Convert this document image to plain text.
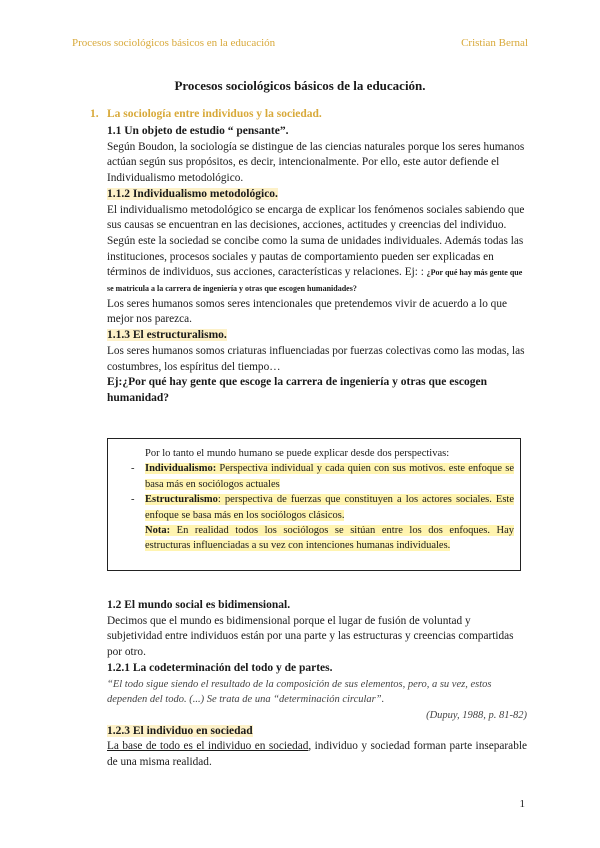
Procesos sociológicos básicos en la educación	Cristian Bernal
Procesos sociológicos básicos de la educación.
1. La sociología entre individuos y la sociedad.

1.1 Un objeto de estudio “ pensante”.

Según Boudon, la sociología se distingue de las ciencias naturales porque los seres humanos actúan según sus propósitos, es decir, intencionalmente. Por ello, este autor defiende el Individualismo metodológico.

1.1.2 Individualismo metodológico.

El individualismo metodológico se encarga de explicar los fenómenos sociales sabiendo que sus causas se encuentran en las decisiones, acciones, actitudes y creencias del individuo. Según este la sociedad se concibe como la suma de unidades individuales. Además todas las instituciones, procesos sociales y pautas de comportamiento pueden ser explicadas en términos de individuos, sus acciones, características y relaciones. Ej: : ¿Por qué hay más gente que se matricula a la carrera de ingeniería y otras que escogen humanidades?

Los seres humanos somos seres intencionales que pretendemos vivir de acuerdo a lo que mejor nos parezca.

1.1.3 El estructuralismo.

Los seres humanos somos criaturas influenciadas por fuerzas colectivas como las modas, las costumbres, los espíritus del tiempo…

Ej:¿Por qué hay gente que escoge la carrera de ingeniería y otras que escogen humanidad?

Por lo tanto el mundo humano se puede explicar desde dos perspectivas:
- Individualismo: Perspectiva individual y cada quien con sus motivos. este enfoque se basa más en sociólogos actuales
- Estructuralismo: perspectiva de fuerzas que constituyen a los actores sociales. Este enfoque se basa más en los sociólogos clásicos.
Nota: En realidad todos los sociólogos se sitúan entre los dos enfoques. Hay estructuras influenciadas a su vez con intenciones humanas individuales.

1.2 El mundo social es bidimensional.

Decimos que el mundo es bidimensional porque el lugar de fusión de voluntad y subjetividad entre individuos están por una parte y las estructuras y creencias compartidas por otro.

1.2.1 La codeterminación del todo y de partes.

“El todo sigue siendo el resultado de la composición de sus elementos, pero, a su vez, estos dependen del todo. (...) Se trata de una “determinación circular”.

(Dupuy, 1988, p. 81-82)

1.2.3 El individuo en sociedad

La base de todo es el individuo en sociedad, individuo y sociedad forman parte inseparable de una misma realidad.

1
